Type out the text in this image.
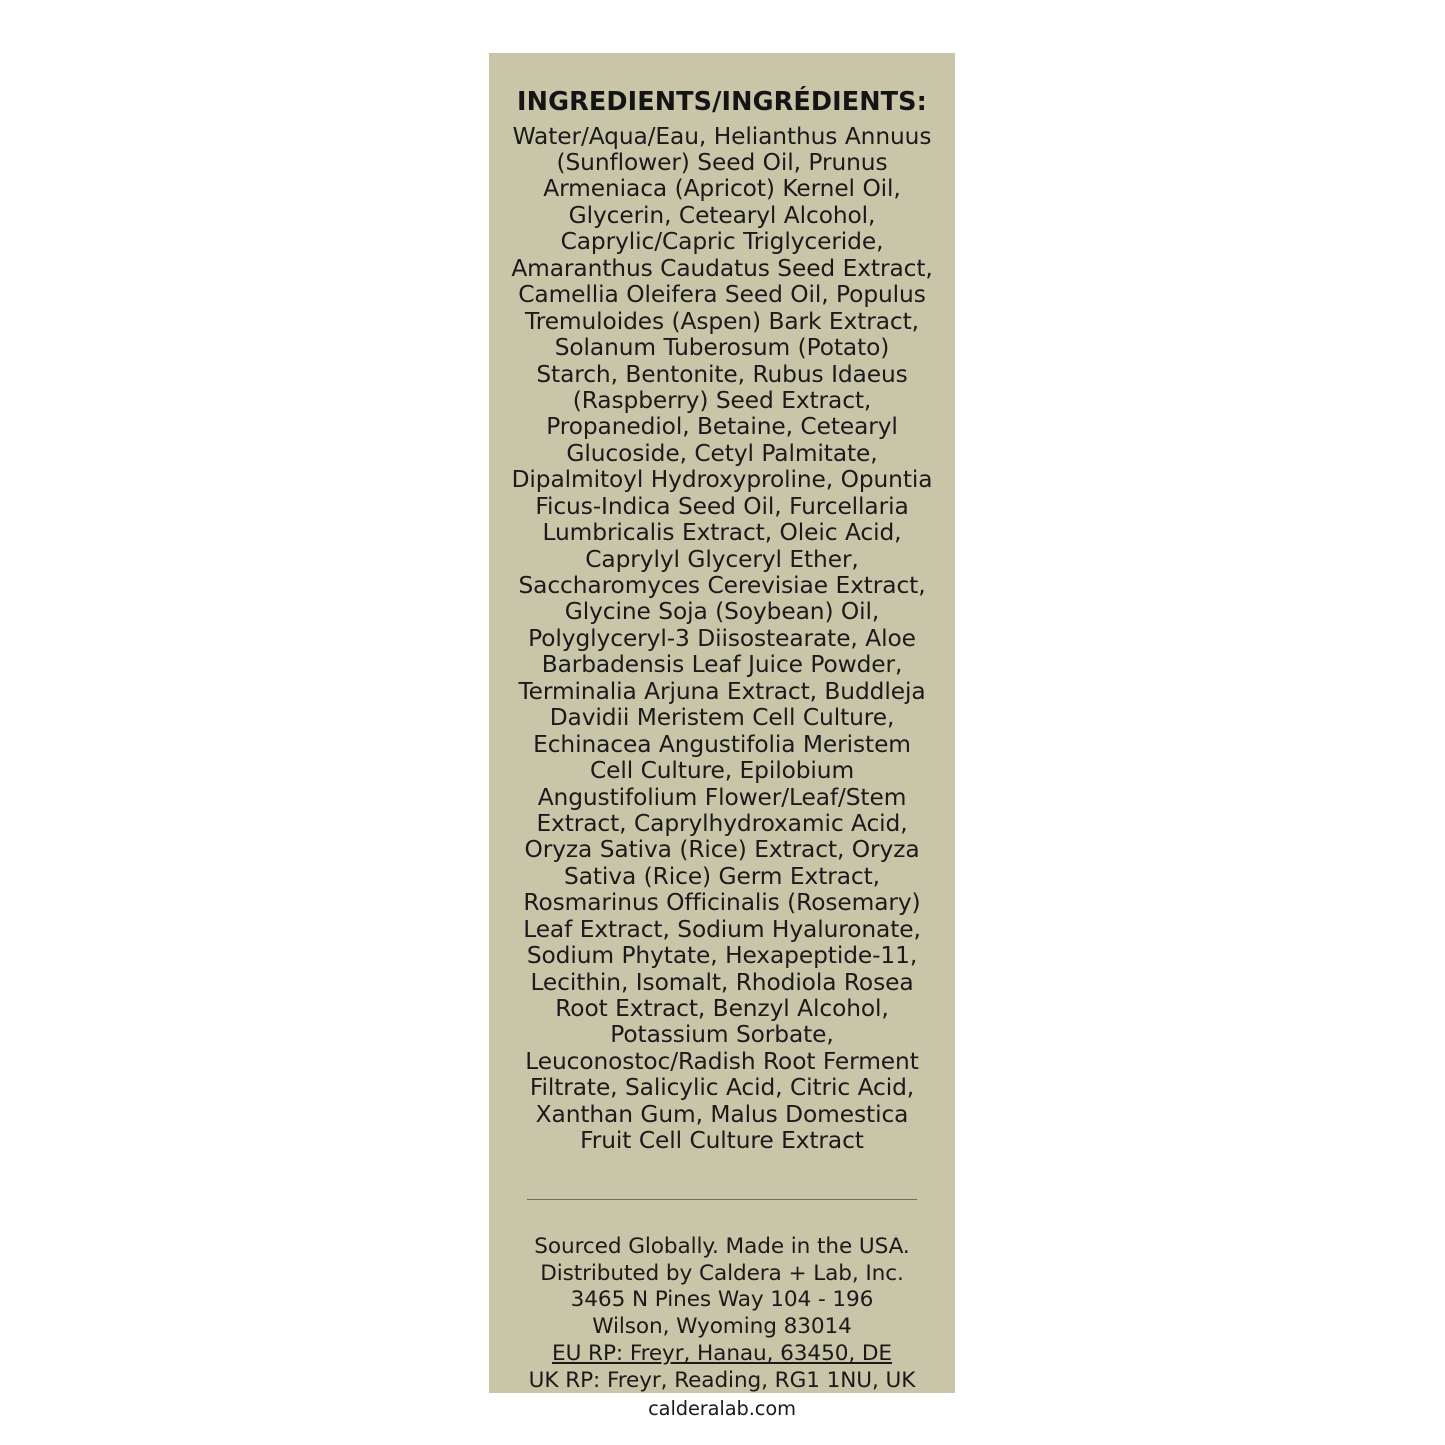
INGREDIENTS/INGRÉDIENTS:

Water/Aqua/Eau, Helianthus Annuus (Sunflower) Seed Oil, Prunus Armeniaca (Apricot) Kernel Oil, Glycerin, Cetearyl Alcohol, Caprylic/Capric Triglyceride, Amaranthus Caudatus Seed Extract, Camellia Oleifera Seed Oil, Populus Tremuloides (Aspen) Bark Extract, Solanum Tuberosum (Potato) Starch, Bentonite, Rubus Idaeus (Raspberry) Seed Extract, Propanediol, Betaine, Cetearyl Glucoside, Cetyl Palmitate, Dipalmitoyl Hydroxyproline, Opuntia Ficus-Indica Seed Oil, Furcellaria Lumbricalis Extract, Oleic Acid, Caprylyl Glyceryl Ether, Saccharomyces Cerevisiae Extract, Glycine Soja (Soybean) Oil, Polyglyceryl-3 Diisostearate, Aloe Barbadensis Leaf Juice Powder, Terminalia Arjuna Extract, Buddleja Davidii Meristem Cell Culture, Echinacea Angustifolia Meristem Cell Culture, Epilobium Angustifolium Flower/Leaf/Stem Extract, Caprylhydroxamic Acid, Oryza Sativa (Rice) Extract, Oryza Sativa (Rice) Germ Extract, Rosmarinus Officinalis (Rosemary) Leaf Extract, Sodium Hyaluronate, Sodium Phytate, Hexapeptide-11, Lecithin, Isomalt, Rhodiola Rosea Root Extract, Benzyl Alcohol, Potassium Sorbate, Leuconostoc/Radish Root Ferment Filtrate, Salicylic Acid, Citric Acid, Xanthan Gum, Malus Domestica Fruit Cell Culture Extract

Sourced Globally. Made in the USA.
Distributed by Caldera + Lab, Inc.
3465 N Pines Way 104 - 196
Wilson, Wyoming 83014
EU RP: Freyr, Hanau, 63450, DE
UK RP: Freyr, Reading, RG1 1NU, UK
calderalab.com
